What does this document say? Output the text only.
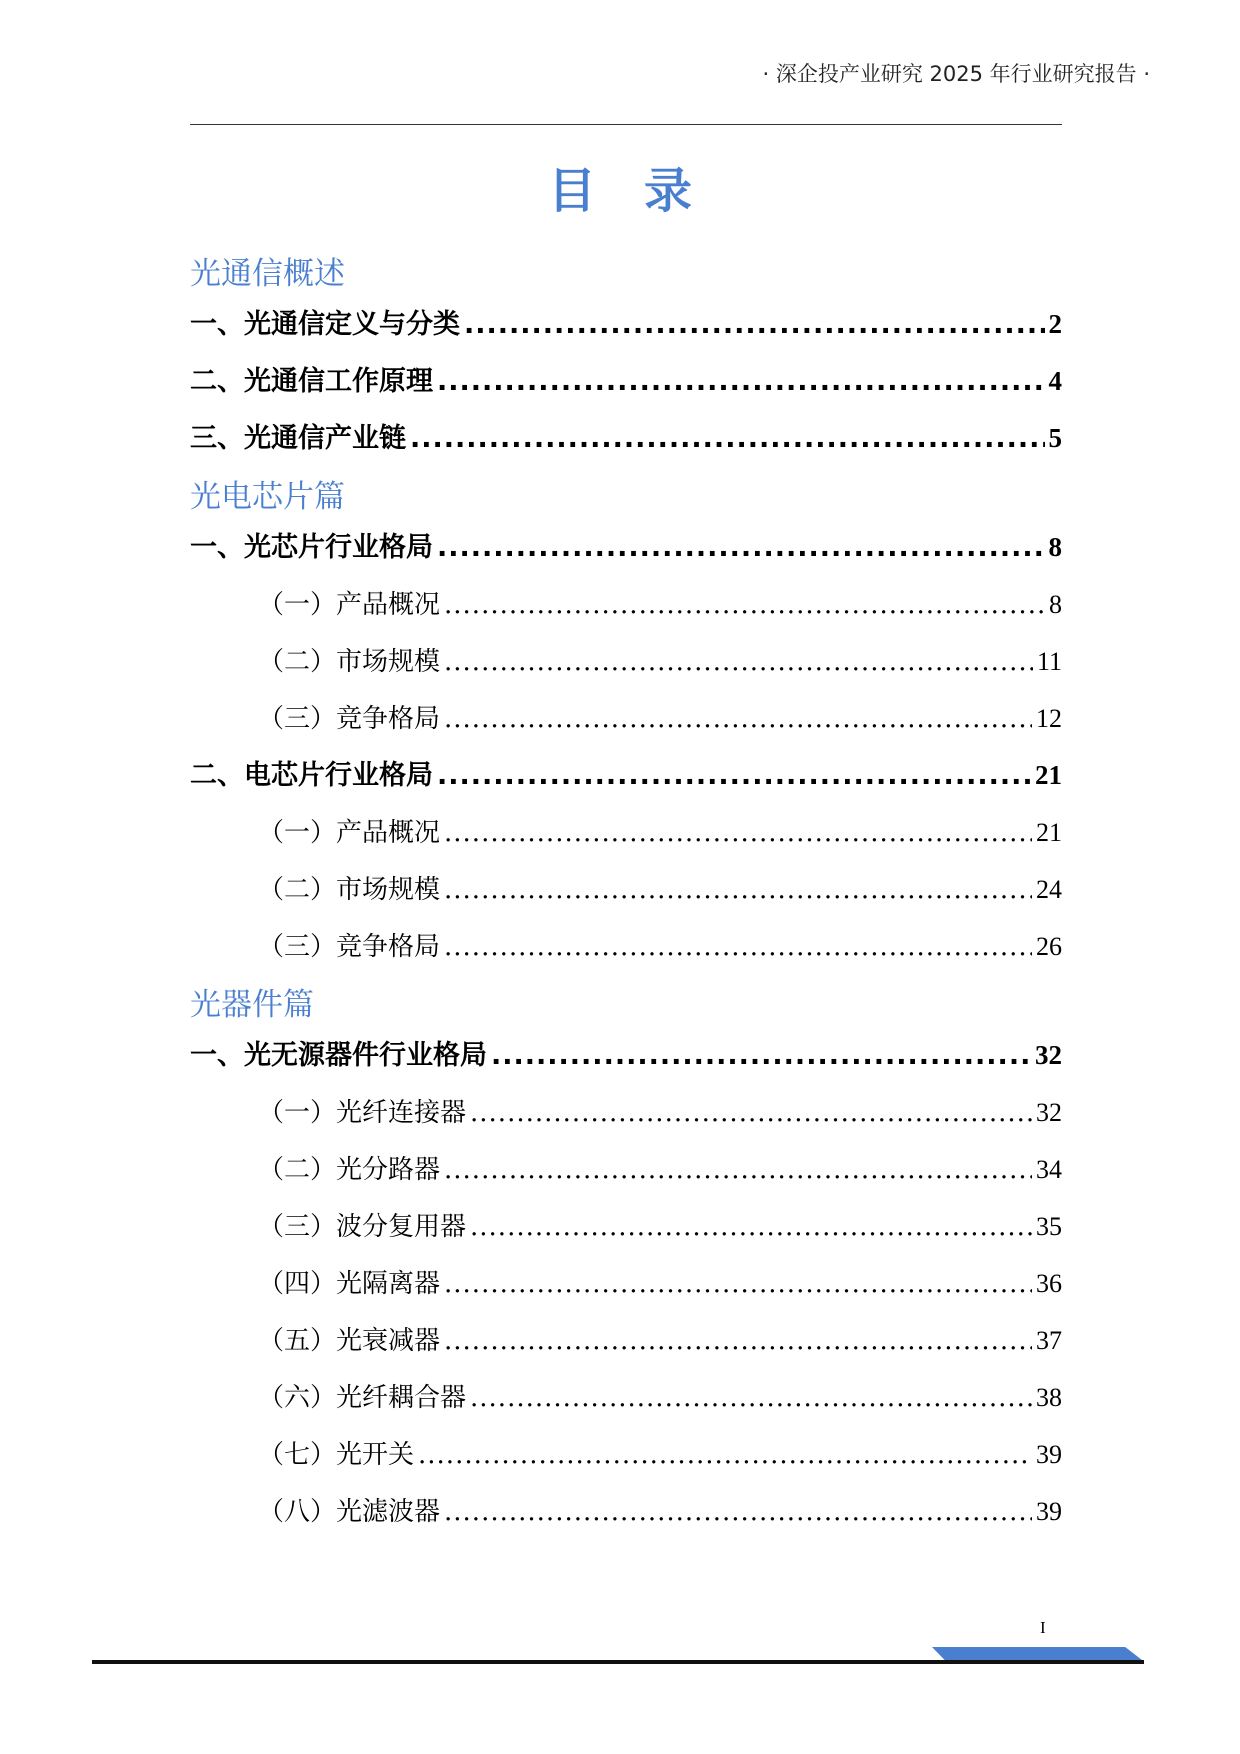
· 深企投产业研究 2025 年行业研究报告 ·
目录
光通信概述
一、光通信定义与分类 .....	2
二、光通信工作原理 .....	4
三、光通信产业链 .....	5
光电芯片篇
一、光芯片行业格局 .....	8
（一）产品概况 .....	8
（二）市场规模 .....	11
（三）竞争格局 .....	12
二、电芯片行业格局 .....	21
（一）产品概况 .....	21
（二）市场规模 .....	24
（三）竞争格局 .....	26
光器件篇
一、光无源器件行业格局 .....	32
（一）光纤连接器 .....	32
（二）光分路器 .....	34
（三）波分复用器 .....	35
（四）光隔离器 .....	36
（五）光衰减器 .....	37
（六）光纤耦合器 .....	38
（七）光开关 .....	39
（八）光滤波器 .....	39
I
